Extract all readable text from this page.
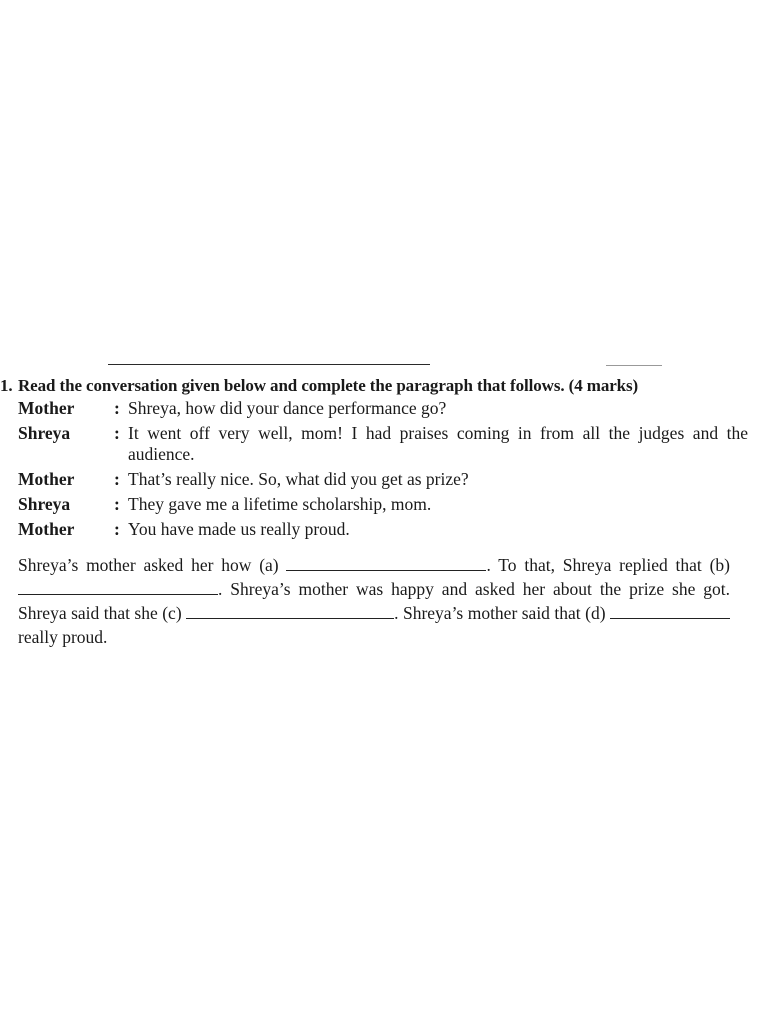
1. Read the conversation given below and complete the paragraph that follows. (4 marks)
Mother	: Shreya, how did your dance performance go?
Shreya	: It went off very well, mom! I had praises coming in from all the judges and the audience.
Mother	: That’s really nice. So, what did you get as prize?
Shreya	: They gave me a lifetime scholarship, mom.
Mother	: You have made us really proud.
Shreya’s mother asked her how (a)	. To that, Shreya replied that (b) . Shreya’s mother was happy and asked her about the prize she got. Shreya said that she (c)	. Shreya’s mother said that (d)  really proud.
